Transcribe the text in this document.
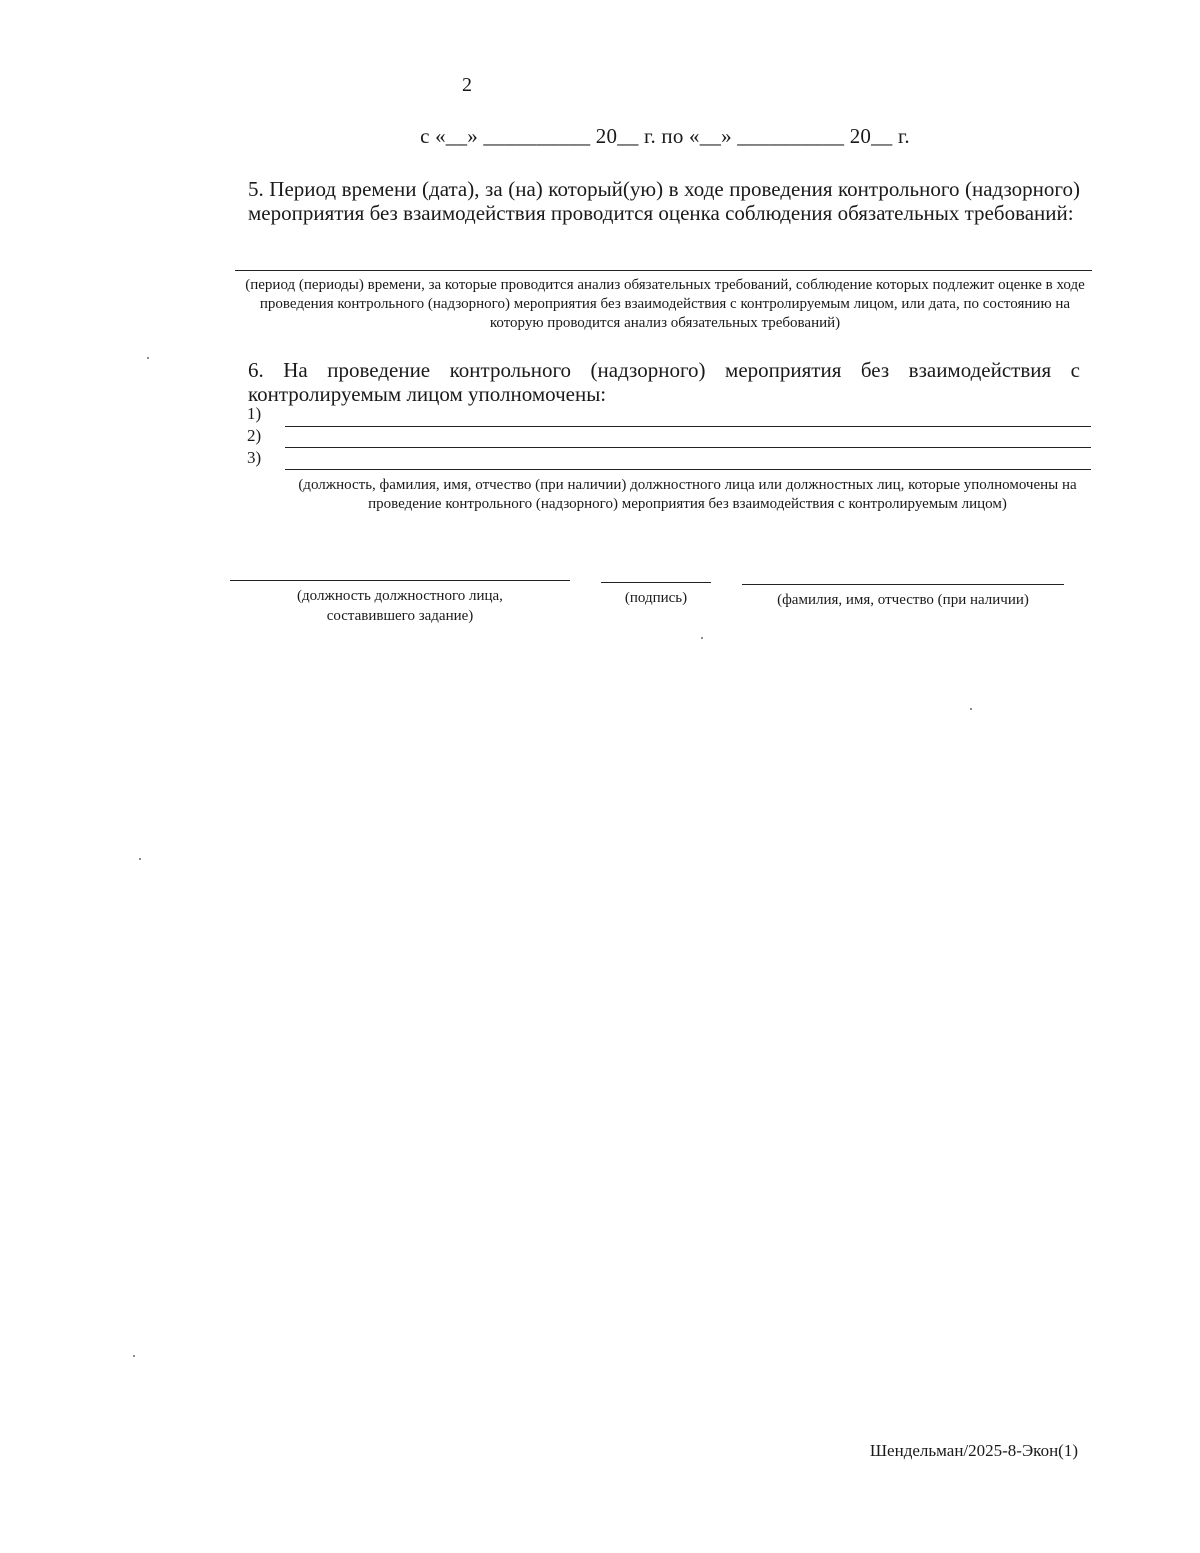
2
с «__» __________ 20__ г. по «__» __________ 20__ г.
5. Период времени (дата), за (на) который(ую) в ходе проведения контрольного (надзорного) мероприятия без взаимодействия проводится оценка соблюдения обязательных требований:
(период (периоды) времени, за которые проводится анализ обязательных требований, соблюдение которых подлежит оценке в ходе проведения контрольного (надзорного) мероприятия без взаимодействия с контролируемым лицом, или дата, по состоянию на которую проводится анализ обязательных требований)
6. На проведение контрольного (надзорного) мероприятия без взаимодействия с контролируемым лицом уполномочены:
1)
2)
3)
(должность, фамилия, имя, отчество (при наличии) должностного лица или должностных лиц, которые уполномочены на проведение контрольного (надзорного) мероприятия без взаимодействия с контролируемым лицом)
(должность должностного лица, составившего задание)
(подпись)	(фамилия, имя, отчество (при наличии)
Шендельман/2025-8-Экон(1)
